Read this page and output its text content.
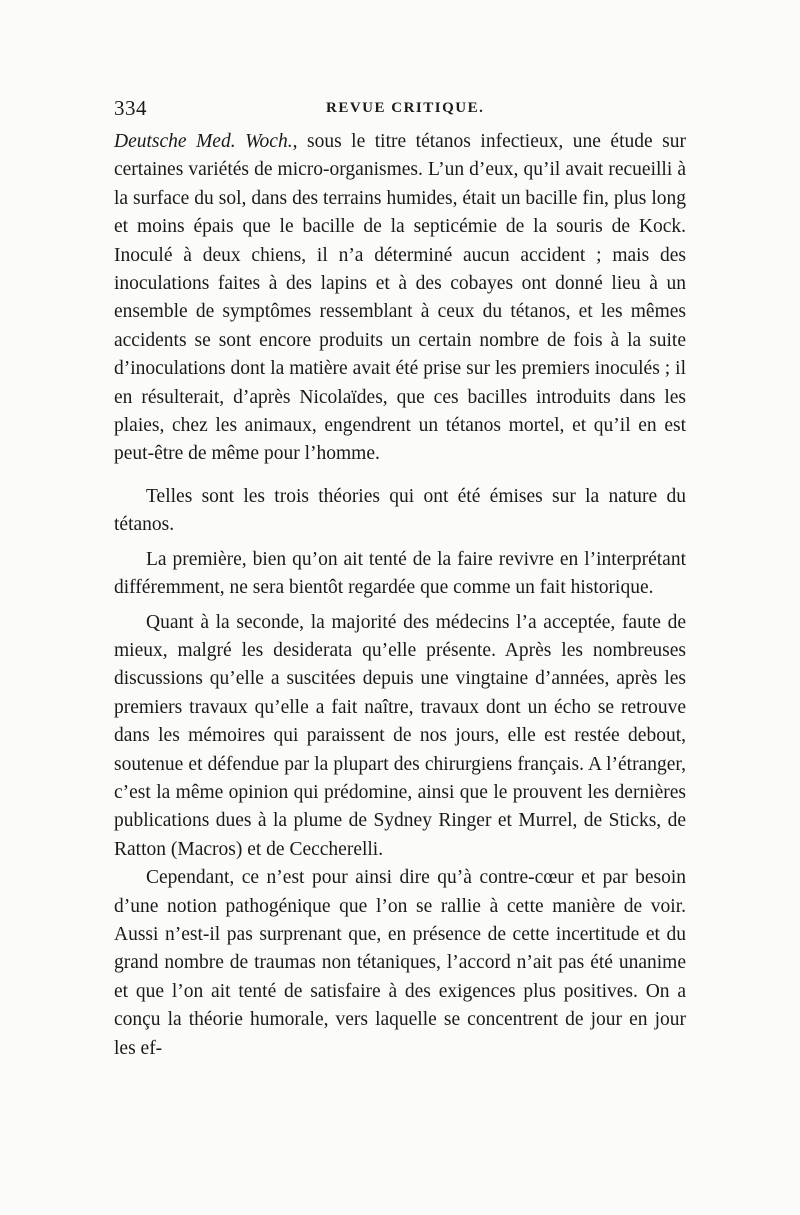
334	REVUE CRITIQUE.

Deutsche Med. Woch., sous le titre tétanos infectieux, une étude sur certaines variétés de micro-organismes. L’un d’eux, qu’il avait recueilli à la surface du sol, dans des terrains humides, était un bacille fin, plus long et moins épais que le bacille de la septicémie de la souris de Kock. Inoculé à deux chiens, il n’a déterminé aucun accident ; mais des inoculations faites à des lapins et à des cobayes ont donné lieu à un ensemble de symptômes ressemblant à ceux du tétanos, et les mêmes accidents se sont encore produits un certain nombre de fois à la suite d’inoculations dont la matière avait été prise sur les premiers inoculés ; il en résulterait, d’après Nicolaïdes, que ces bacilles introduits dans les plaies, chez les animaux, engendrent un tétanos mortel, et qu’il en est peut-être de même pour l’homme.

Telles sont les trois théories qui ont été émises sur la nature du tétanos.

La première, bien qu’on ait tenté de la faire revivre en l’interprétant différemment, ne sera bientôt regardée que comme un fait historique.

Quant à la seconde, la majorité des médecins l’a acceptée, faute de mieux, malgré les desiderata qu’elle présente. Après les nombreuses discussions qu’elle a suscitées depuis une vingtaine d’années, après les premiers travaux qu’elle a fait naître, travaux dont un écho se retrouve dans les mémoires qui paraissent de nos jours, elle est restée debout, soutenue et défendue par la plupart des chirurgiens français. A l’étranger, c’est la même opinion qui prédomine, ainsi que le prouvent les dernières publications dues à la plume de Sydney Ringer et Murrel, de Sticks, de Ratton (Macros) et de Ceccherelli.

Cependant, ce n’est pour ainsi dire qu’à contre-cœur et par besoin d’une notion pathogénique que l’on se rallie à cette manière de voir. Aussi n’est-il pas surprenant que, en présence de cette incertitude et du grand nombre de traumas non tétaniques, l’accord n’ait pas été unanime et que l’on ait tenté de satisfaire à des exigences plus positives. On a conçu la théorie humorale, vers laquelle se concentrent de jour en jour les ef-
